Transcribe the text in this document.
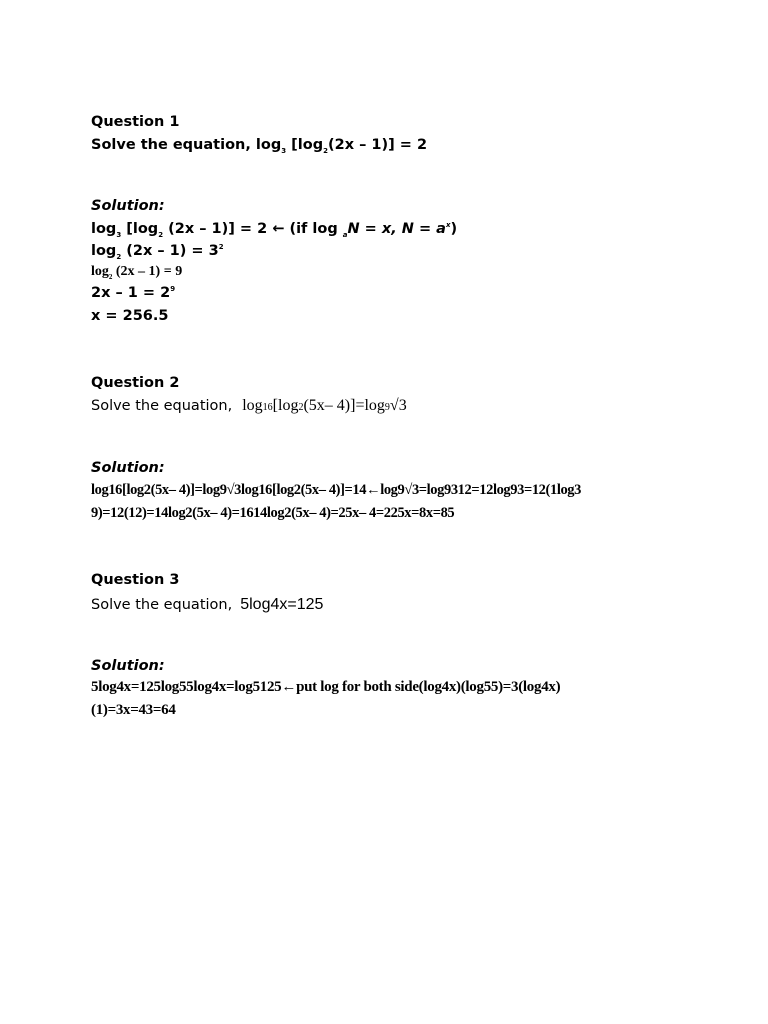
Question 1
Solve the equation, $\log_3 [\log_2(2x - 1)] = 2$
Solution:
$\log_3 [\log_2$ (2x – 1)] = 2 ← (if log $_a$N = x, $N = a^x$)
$\log_2 (2x - 1) = 3^2$
$\log_2 (2x - 1) = 9$
$2x - 1 = 2^9$
x = 256.5
Question 2
Solve the equation, log16[log2(5x– 4)]=log9√3
Solution:
log16[log2(5x– 4)]=log9√3log16[log2(5x– 4)]=14←log9√3=log9312=12log93=12(1log3
9)=12(12)=14log2(5x– 4)=1614log2(5x– 4)=25x– 4=225x=8x=85
Question 3
Solve the equation, 5log4x=125
Solution:
5log4x=125log55log4x=log5125←put log for both side(log4x)(log55)=3(log4x)
(1)=3x=43=64
